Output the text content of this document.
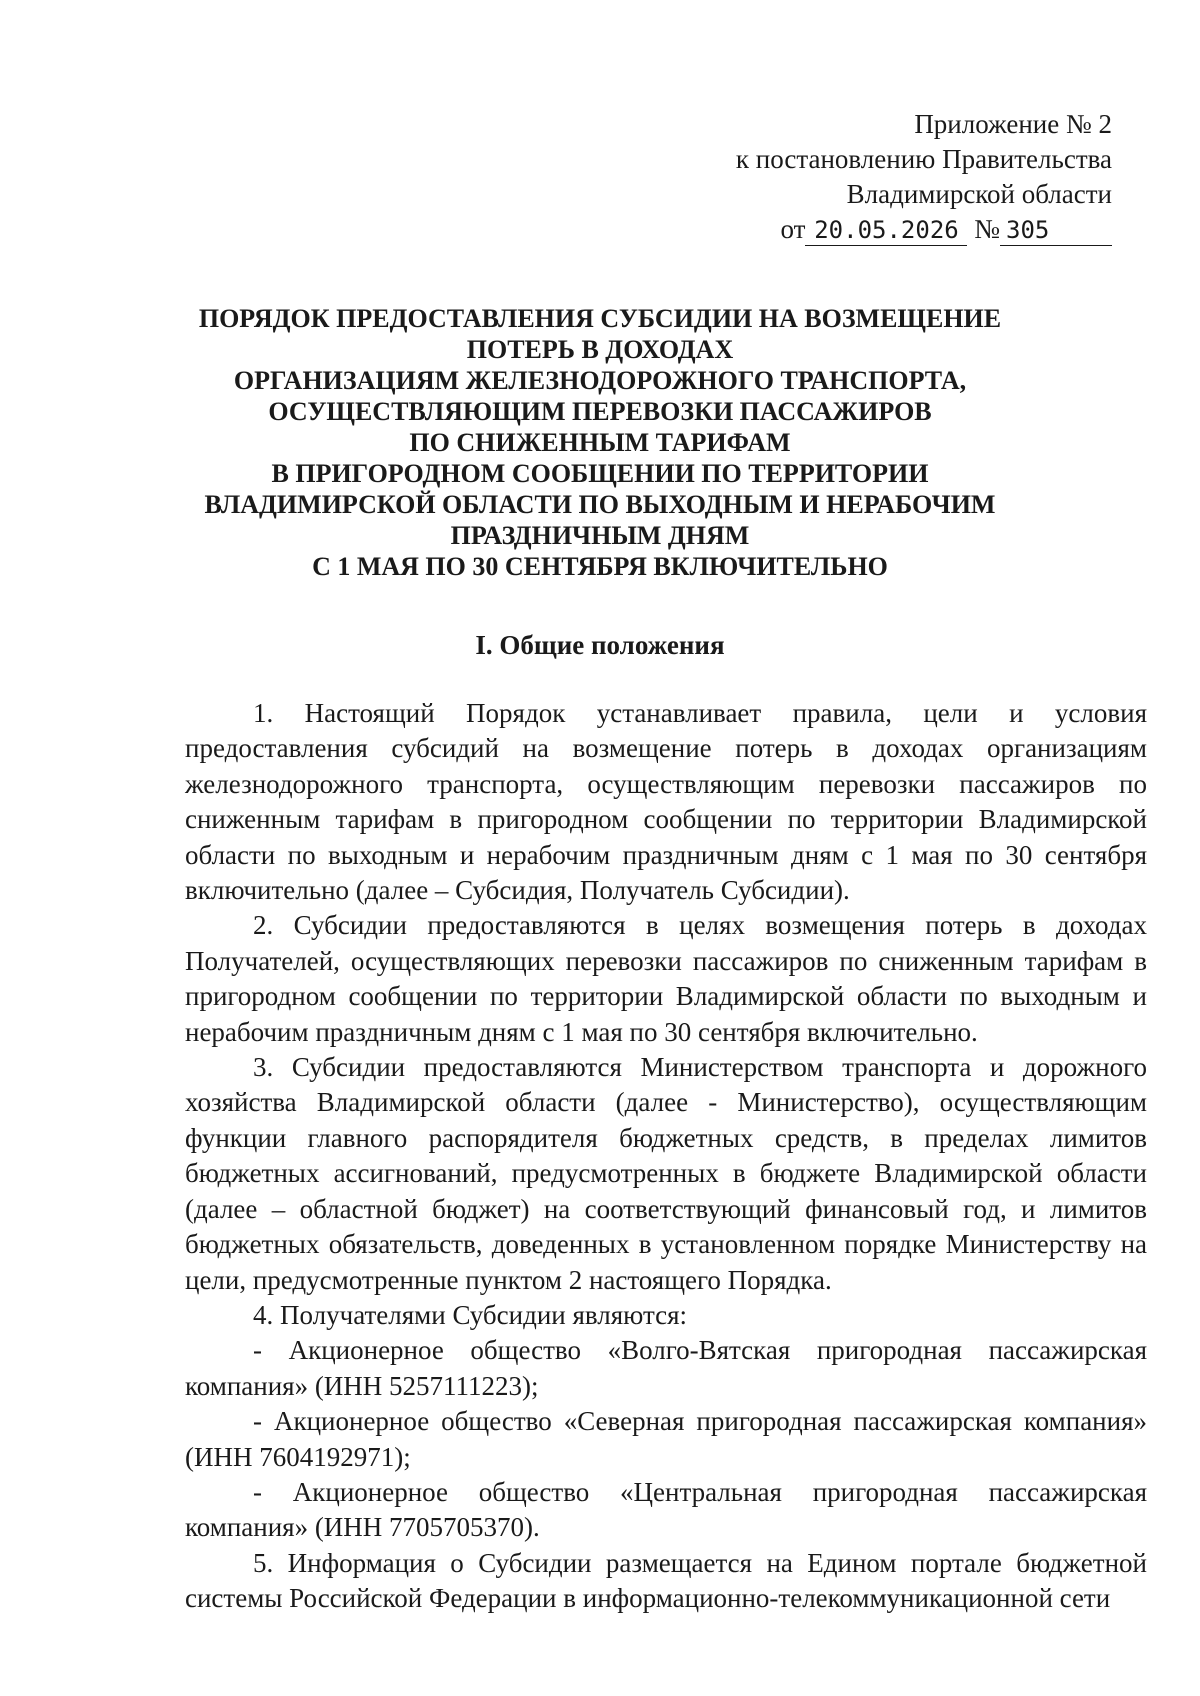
Приложение № 2
к постановлению Правительства
Владимирской области
от 20.05.2026 № 305
ПОРЯДОК ПРЕДОСТАВЛЕНИЯ СУБСИДИИ НА ВОЗМЕЩЕНИЕ
ПОТЕРЬ В ДОХОДАХ
ОРГАНИЗАЦИЯМ ЖЕЛЕЗНОДОРОЖНОГО ТРАНСПОРТА,
ОСУЩЕСТВЛЯЮЩИМ ПЕРЕВОЗКИ ПАССАЖИРОВ
ПО СНИЖЕННЫМ ТАРИФАМ
В ПРИГОРОДНОМ СООБЩЕНИИ ПО ТЕРРИТОРИИ
ВЛАДИМИРСКОЙ ОБЛАСТИ ПО ВЫХОДНЫМ И НЕРАБОЧИМ
ПРАЗДНИЧНЫМ ДНЯМ
С 1 МАЯ ПО 30 СЕНТЯБРЯ ВКЛЮЧИТЕЛЬНО
I. Общие положения

1. Настоящий Порядок устанавливает правила, цели и условия предоставления субсидий на возмещение потерь в доходах организациям железнодорожного транспорта, осуществляющим перевозки пассажиров по сниженным тарифам в пригородном сообщении по территории Владимирской области по выходным и нерабочим праздничным дням с 1 мая по 30 сентября включительно (далее – Субсидия, Получатель Субсидии).

2. Субсидии предоставляются в целях возмещения потерь в доходах Получателей, осуществляющих перевозки пассажиров по сниженным тарифам в пригородном сообщении по территории Владимирской области по выходным и нерабочим праздничным дням с 1 мая по 30 сентября включительно.

3. Субсидии предоставляются Министерством транспорта и дорожного хозяйства Владимирской области (далее - Министерство), осуществляющим функции главного распорядителя бюджетных средств, в пределах лимитов бюджетных ассигнований, предусмотренных в бюджете Владимирской области (далее – областной бюджет) на соответствующий финансовый год, и лимитов бюджетных обязательств, доведенных в установленном порядке Министерству на цели, предусмотренные пунктом 2 настоящего Порядка.

4. Получателями Субсидии являются:

- Акционерное общество «Волго-Вятская пригородная пассажирская компания» (ИНН 5257111223);

- Акционерное общество «Северная пригородная пассажирская компания» (ИНН 7604192971);

- Акционерное общество «Центральная пригородная пассажирская компания» (ИНН 7705705370).

5. Информация о Субсидии размещается на Едином портале бюджетной системы Российской Федерации в информационно-телекоммуникационной сети
